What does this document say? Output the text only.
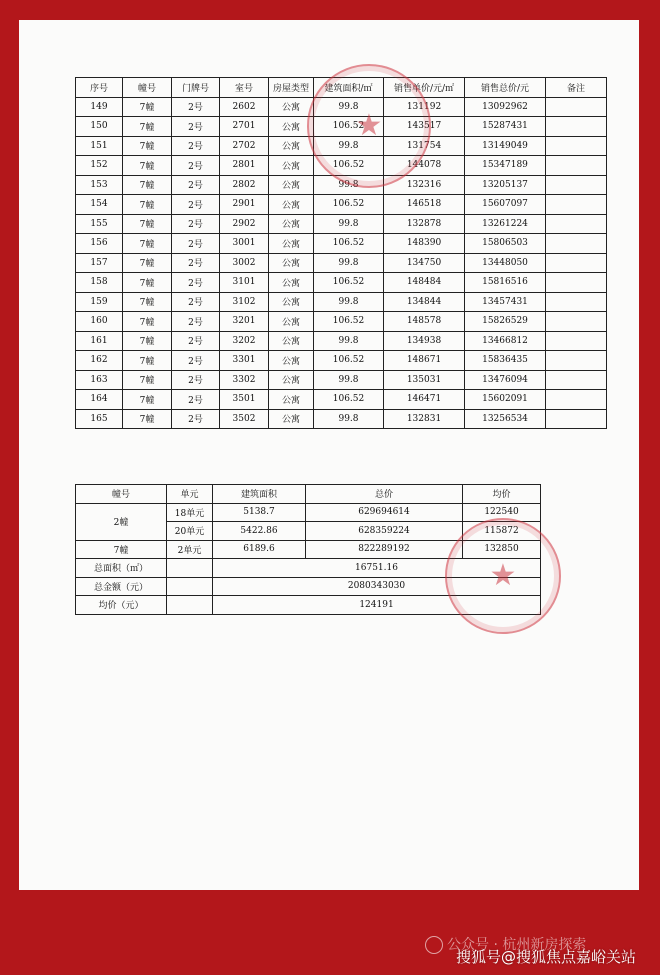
序号	幢号	门牌号	室号	房屋类型	建筑面积/㎡	销售单价/元/㎡	销售总价/元	备注
149	7幢	2号	2602	公寓	99.8	131192	13092962	
150	7幢	2号	2701	公寓	106.52	143517	15287431	
151	7幢	2号	2702	公寓	99.8	131754	13149049	
152	7幢	2号	2801	公寓	106.52	144078	15347189	
153	7幢	2号	2802	公寓	99.8	132316	13205137	
154	7幢	2号	2901	公寓	106.52	146518	15607097	
155	7幢	2号	2902	公寓	99.8	132878	13261224	
156	7幢	2号	3001	公寓	106.52	148390	15806503	
157	7幢	2号	3002	公寓	99.8	134750	13448050	
158	7幢	2号	3101	公寓	106.52	148484	15816516	
159	7幢	2号	3102	公寓	99.8	134844	13457431	
160	7幢	2号	3201	公寓	106.52	148578	15826529	
161	7幢	2号	3202	公寓	99.8	134938	13466812	
162	7幢	2号	3301	公寓	106.52	148671	15836435	
163	7幢	2号	3302	公寓	99.8	135031	13476094	
164	7幢	2号	3501	公寓	106.52	146471	15602091	
165	7幢	2号	3502	公寓	99.8	132831	13256534	
幢号	单元	建筑面积	总价	均价
2幢	18单元	5138.7	629694614	122540
	20单元	5422.86	628359224	115872
7幢	2单元	6189.6	822289192	132850
总面积（㎡）		16751.16		
总金额（元）		2080343030		
均价（元）		124191		
★
★
公众号 · 杭州新房探索
搜狐号@搜狐焦点嘉峪关站
